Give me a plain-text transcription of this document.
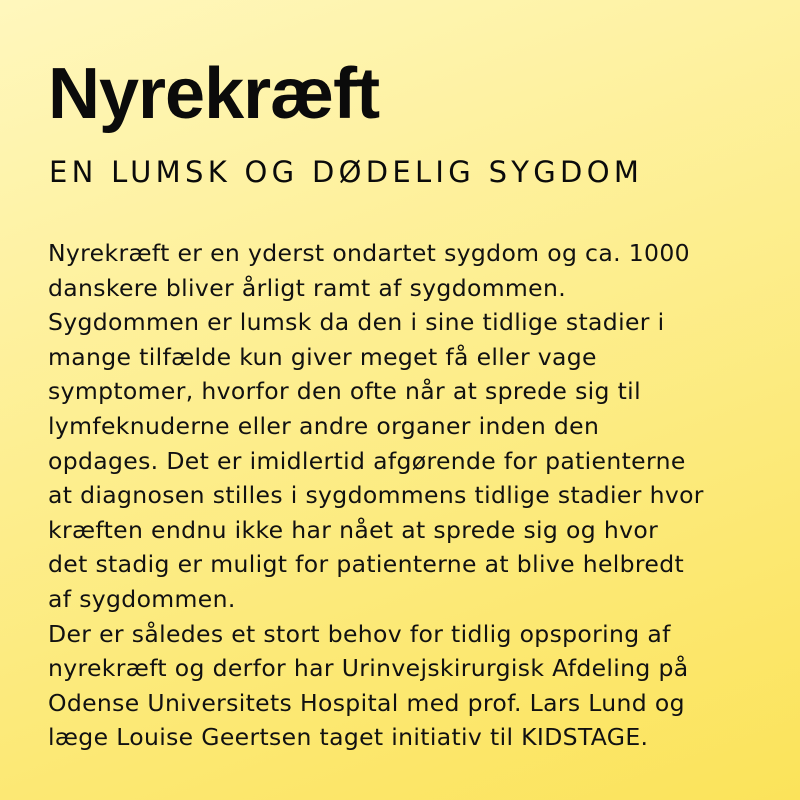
Nyrekræft
EN LUMSK OG DØDELIG SYGDOM

Nyrekræft er en yderst ondartet sygdom og ca. 1000
danskere bliver årligt ramt af sygdommen.
Sygdommen er lumsk da den i sine tidlige stadier i
mange tilfælde kun giver meget få eller vage
symptomer, hvorfor den ofte når at sprede sig til
lymfeknuderne eller andre organer inden den
opdages. Det er imidlertid afgørende for patienterne
at diagnosen stilles i sygdommens tidlige stadier hvor
kræften endnu ikke har nået at sprede sig og hvor
det stadig er muligt for patienterne at blive helbredt
af sygdommen.
Der er således et stort behov for tidlig opsporing af
nyrekræft og derfor har Urinvejskirurgisk Afdeling på
Odense Universitets Hospital med prof. Lars Lund og
læge Louise Geertsen taget initiativ til KIDSTAGE.
